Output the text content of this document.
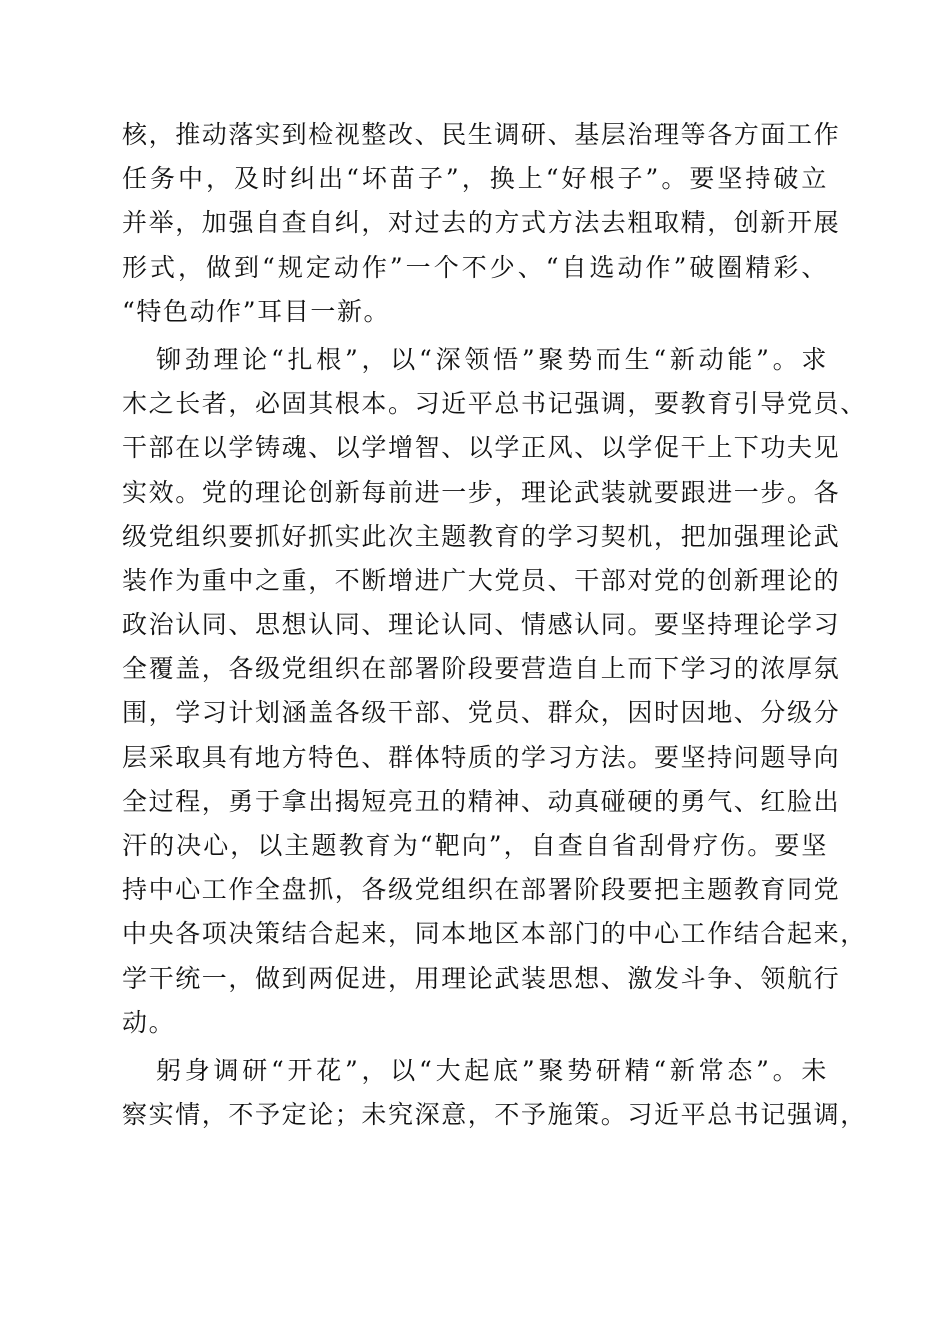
核，推动落实到检视整改、民生调研、基层治理等各方面工作
任务中，及时纠出“坏苗子”，换上“好根子”。要坚持破立
并举，加强自查自纠，对过去的方式方法去粗取精，创新开展
形式，做到“规定动作”一个不少、“自选动作”破圈精彩、
“特色动作”耳目一新。
铆劲理论“扎根”，以“深领悟”聚势而生“新动能”。求
木之长者，必固其根本。习近平总书记强调，要教育引导党员、
干部在以学铸魂、以学增智、以学正风、以学促干上下功夫见
实效。党的理论创新每前进一步，理论武装就要跟进一步。各
级党组织要抓好抓实此次主题教育的学习契机，把加强理论武
装作为重中之重，不断增进广大党员、干部对党的创新理论的
政治认同、思想认同、理论认同、情感认同。要坚持理论学习
全覆盖，各级党组织在部署阶段要营造自上而下学习的浓厚氛
围，学习计划涵盖各级干部、党员、群众，因时因地、分级分
层采取具有地方特色、群体特质的学习方法。要坚持问题导向
全过程，勇于拿出揭短亮丑的精神、动真碰硬的勇气、红脸出
汗的决心，以主题教育为“靶向”，自查自省刮骨疗伤。要坚
持中心工作全盘抓，各级党组织在部署阶段要把主题教育同党
中央各项决策结合起来，同本地区本部门的中心工作结合起来，
学干统一，做到两促进，用理论武装思想、激发斗争、领航行
动。
躬身调研“开花”，以“大起底”聚势研精“新常态”。未
察实情，不予定论；未究深意，不予施策。习近平总书记强调，
